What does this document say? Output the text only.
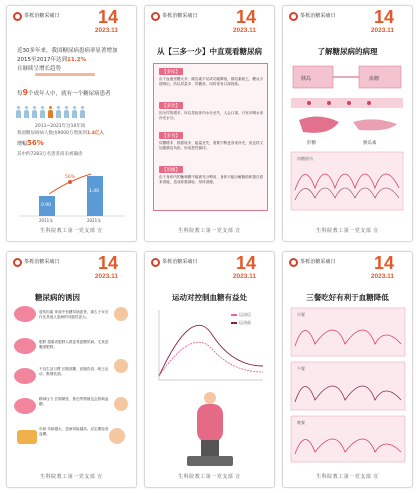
茶栎治糖采痛日 14
2023.11
近30多年来，我国糖尿病患病率显著增加
2015至2017年达到11.2%
且继续呈增长趋势
每9个成年人中，就有一个糖尿病患者
2011~2021年这10年间
我国糖尿病病人数由9000万增加到1.4亿人
增幅56%
其中约7283万名患者尚未被确诊
56%
0.90
1.40
2011年	2021年
生科院教工第一党支部 宣
茶栎治糖采痛日 14
2023.11
从【三多一少】中直观看糖尿病
【多尿】
由于血液里糖太多，胰岛素不足或功能降低，胰岛素缺乏，糖从小便排出，所以尿量多、尿糖高，同时常有口渴现象。
【多饮】
因为尿的增多，所以导致体内水分丢失，人会口渴，只有多喝水来补充水分。
【多食】
尿糖增多，排泄较多，能量丢失，需要不断进食来补充，但这样又加重胰岛负担，形成恶性循环。
【消瘦】
由于身体内的葡萄糖不能被充分利用，身体只能分解脂肪和蛋白质来供能，造成体重减轻、形体消瘦。
生科院教工第一党支部 宣
茶栎治糖采痛日 14
2023.11
了解糖尿病的病理
胰岛	血糖
肝糖	胰岛素
血糖波动
生科院教工第一党支部 宣
茶栎治糖采痛日 14
2023.11
糖尿病的诱因
遗传因素 家族中有糖尿病患者，那么子女后代比其他人患病的可能性更大。
肥胖 超重或肥胖人群更易患糖尿病，尤其是腹部肥胖。
不良生活习惯 长期高糖、高脂饮食，缺乏运动，吸烟饮酒。
精神压力 长期紧张、焦虑等情绪也会影响血糖。
年龄 年龄越大，患病风险越高，应定期检查血糖。
生科院教工第一党支部 宣
茶栎治糖采痛日 14
2023.11
运动对控制血糖有益处
运动后
运动前
生科院教工第一党支部 宣
茶栎治糖采痛日 14
2023.11
三餐吃好有利于血糖降低
早餐
午餐
晚餐
生科院教工第一党支部 宣
